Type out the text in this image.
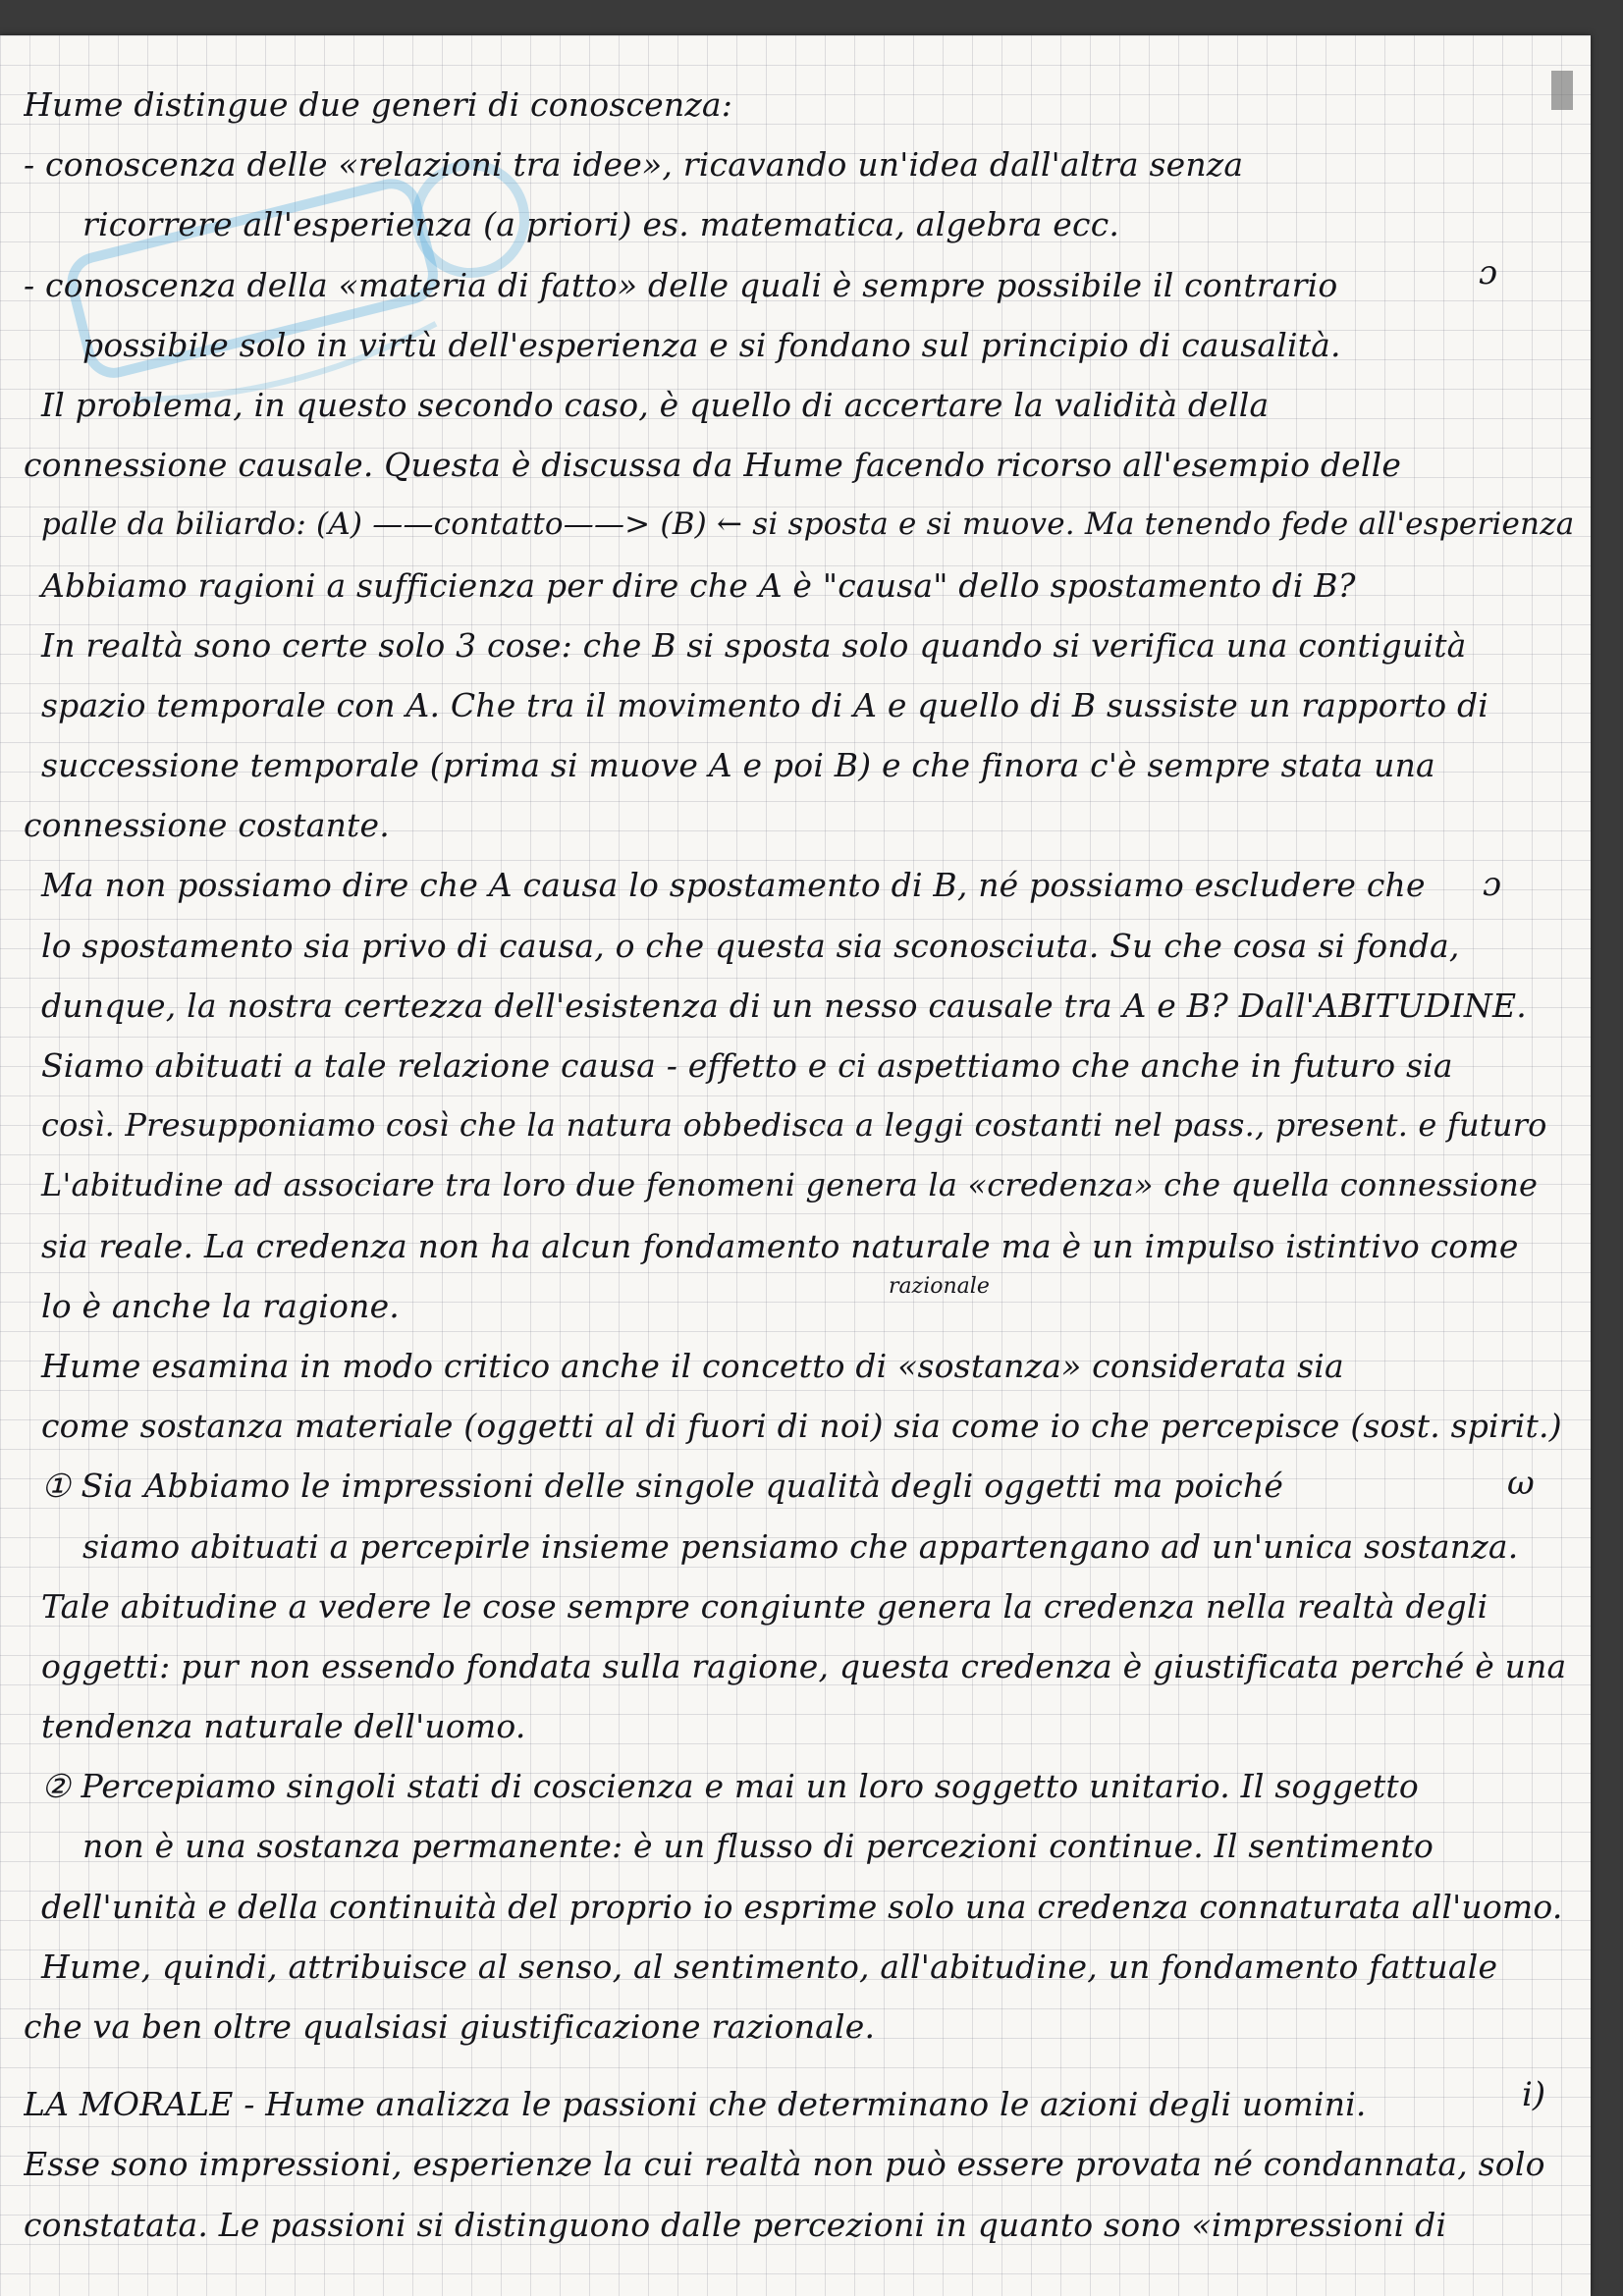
Hume distingue due generi di conoscenza:
- conoscenza delle «relazioni tra idee», ricavando un'idea dall'altra senza
ricorrere all'esperienza (a priori) es. matematica, algebra ecc.
- conoscenza della «materia di fatto» delle quali è sempre possibile il contrario
possibile solo in virtù dell'esperienza e si fondano sul principio di causalità.
Il problema, in questo secondo caso, è quello di accertare la validità della
connessione causale. Questa è discussa da Hume facendo ricorso all'esempio delle
palle da biliardo: (A) ——contatto——> (B) ← si sposta e si muove. Ma tenendo fede all'esperienza
Abbiamo ragioni a sufficienza per dire che A è "causa" dello spostamento di B?
In realtà sono certe solo 3 cose: che B si sposta solo quando si verifica una contiguità
spazio temporale con A. Che tra il movimento di A e quello di B sussiste un rapporto di
successione temporale (prima si muove A e poi B) e che finora c'è sempre stata una
connessione costante.
Ma non possiamo dire che A causa lo spostamento di B, né possiamo escludere che
lo spostamento sia privo di causa, o che questa sia sconosciuta. Su che cosa si fonda,
dunque, la nostra certezza dell'esistenza di un nesso causale tra A e B? Dall'ABITUDINE.
Siamo abituati a tale relazione causa - effetto e ci aspettiamo che anche in futuro sia
così. Presupponiamo così che la natura obbedisca a leggi costanti nel pass., present. e futuro
L'abitudine ad associare tra loro due fenomeni genera la «credenza» che quella connessione
sia reale. La credenza non ha alcun fondamento naturale ma è un impulso istintivo come
lo è anche la ragione.
Hume esamina in modo critico anche il concetto di «sostanza» considerata sia
come sostanza materiale (oggetti al di fuori di noi) sia come io che percepisce (sost. spirit.)
① Sia Abbiamo le impressioni delle singole qualità degli oggetti ma poiché
siamo abituati a percepirle insieme pensiamo che appartengano ad un'unica sostanza.
Tale abitudine a vedere le cose sempre congiunte genera la credenza nella realtà degli
oggetti: pur non essendo fondata sulla ragione, questa credenza è giustificata perché è una
tendenza naturale dell'uomo.
② Percepiamo singoli stati di coscienza e mai un loro soggetto unitario. Il soggetto
non è una sostanza permanente: è un flusso di percezioni continue. Il sentimento
dell'unità e della continuità del proprio io esprime solo una credenza connaturata all'uomo.
Hume, quindi, attribuisce al senso, al sentimento, all'abitudine, un fondamento fattuale
che va ben oltre qualsiasi giustificazione razionale.
LA MORALE - Hume analizza le passioni che determinano le azioni degli uomini.
Esse sono impressioni, esperienze la cui realtà non può essere provata né condannata, solo
constatata. Le passioni si distinguono dalle percezioni in quanto sono «impressioni di
razionale
ɔ
ɔ
ω
i)
